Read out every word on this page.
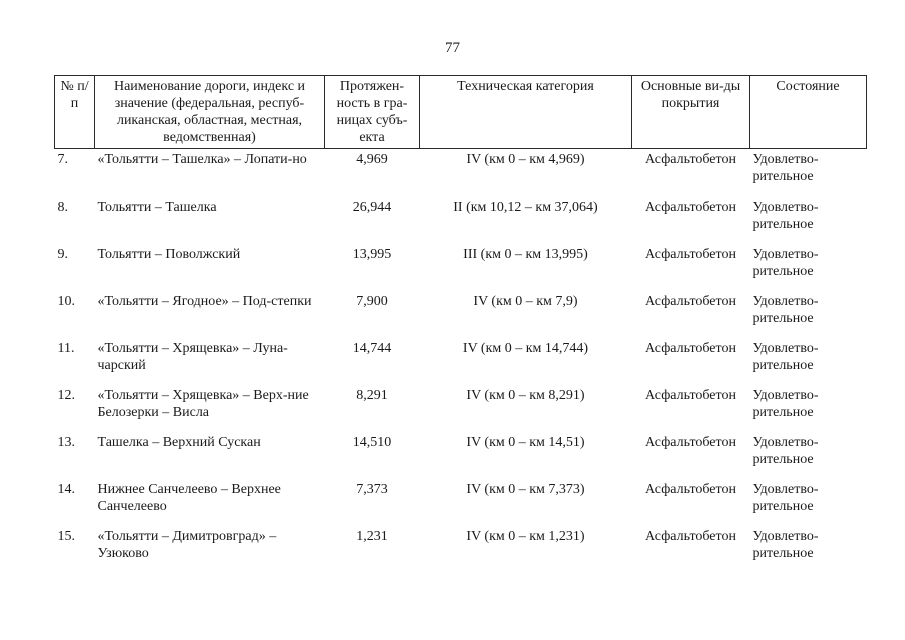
77
№ п/п	Наименование дороги, индекс и значение (федеральная, респуб-ликанская, областная, местная, ведомственная)	Протяжен-ность в гра-ницах субъ-екта	Техническая категория	Основные ви-ды покрытия	Состояние
7.	«Тольятти – Ташелка» – Лопати-но	4,969	IV (км 0 – км 4,969)	Асфальтобетон	Удовлетво-рительное
8.	Тольятти – Ташелка	26,944	II (км 10,12 – км 37,064)	Асфальтобетон	Удовлетво-рительное
9.	Тольятти – Поволжский	13,995	III (км 0 – км 13,995)	Асфальтобетон	Удовлетво-рительное
10.	«Тольятти – Ягодное» – Под-степки	7,900	IV (км 0 – км 7,9)	Асфальтобетон	Удовлетво-рительное
11.	«Тольятти – Хрящевка» – Луна-чарский	14,744	IV (км 0 – км 14,744)	Асфальтобетон	Удовлетво-рительное
12.	«Тольятти – Хрящевка» – Верх-ние Белозерки – Висла	8,291	IV (км 0 – км 8,291)	Асфальтобетон	Удовлетво-рительное
13.	Ташелка – Верхний Сускан	14,510	IV (км 0 – км 14,51)	Асфальтобетон	Удовлетво-рительное
14.	Нижнее Санчелеево – Верхнее Санчелеево	7,373	IV (км 0 – км 7,373)	Асфальтобетон	Удовлетво-рительное
15.	«Тольятти – Димитровград» – Узюково	1,231	IV (км 0 – км 1,231)	Асфальтобетон	Удовлетво-рительное
